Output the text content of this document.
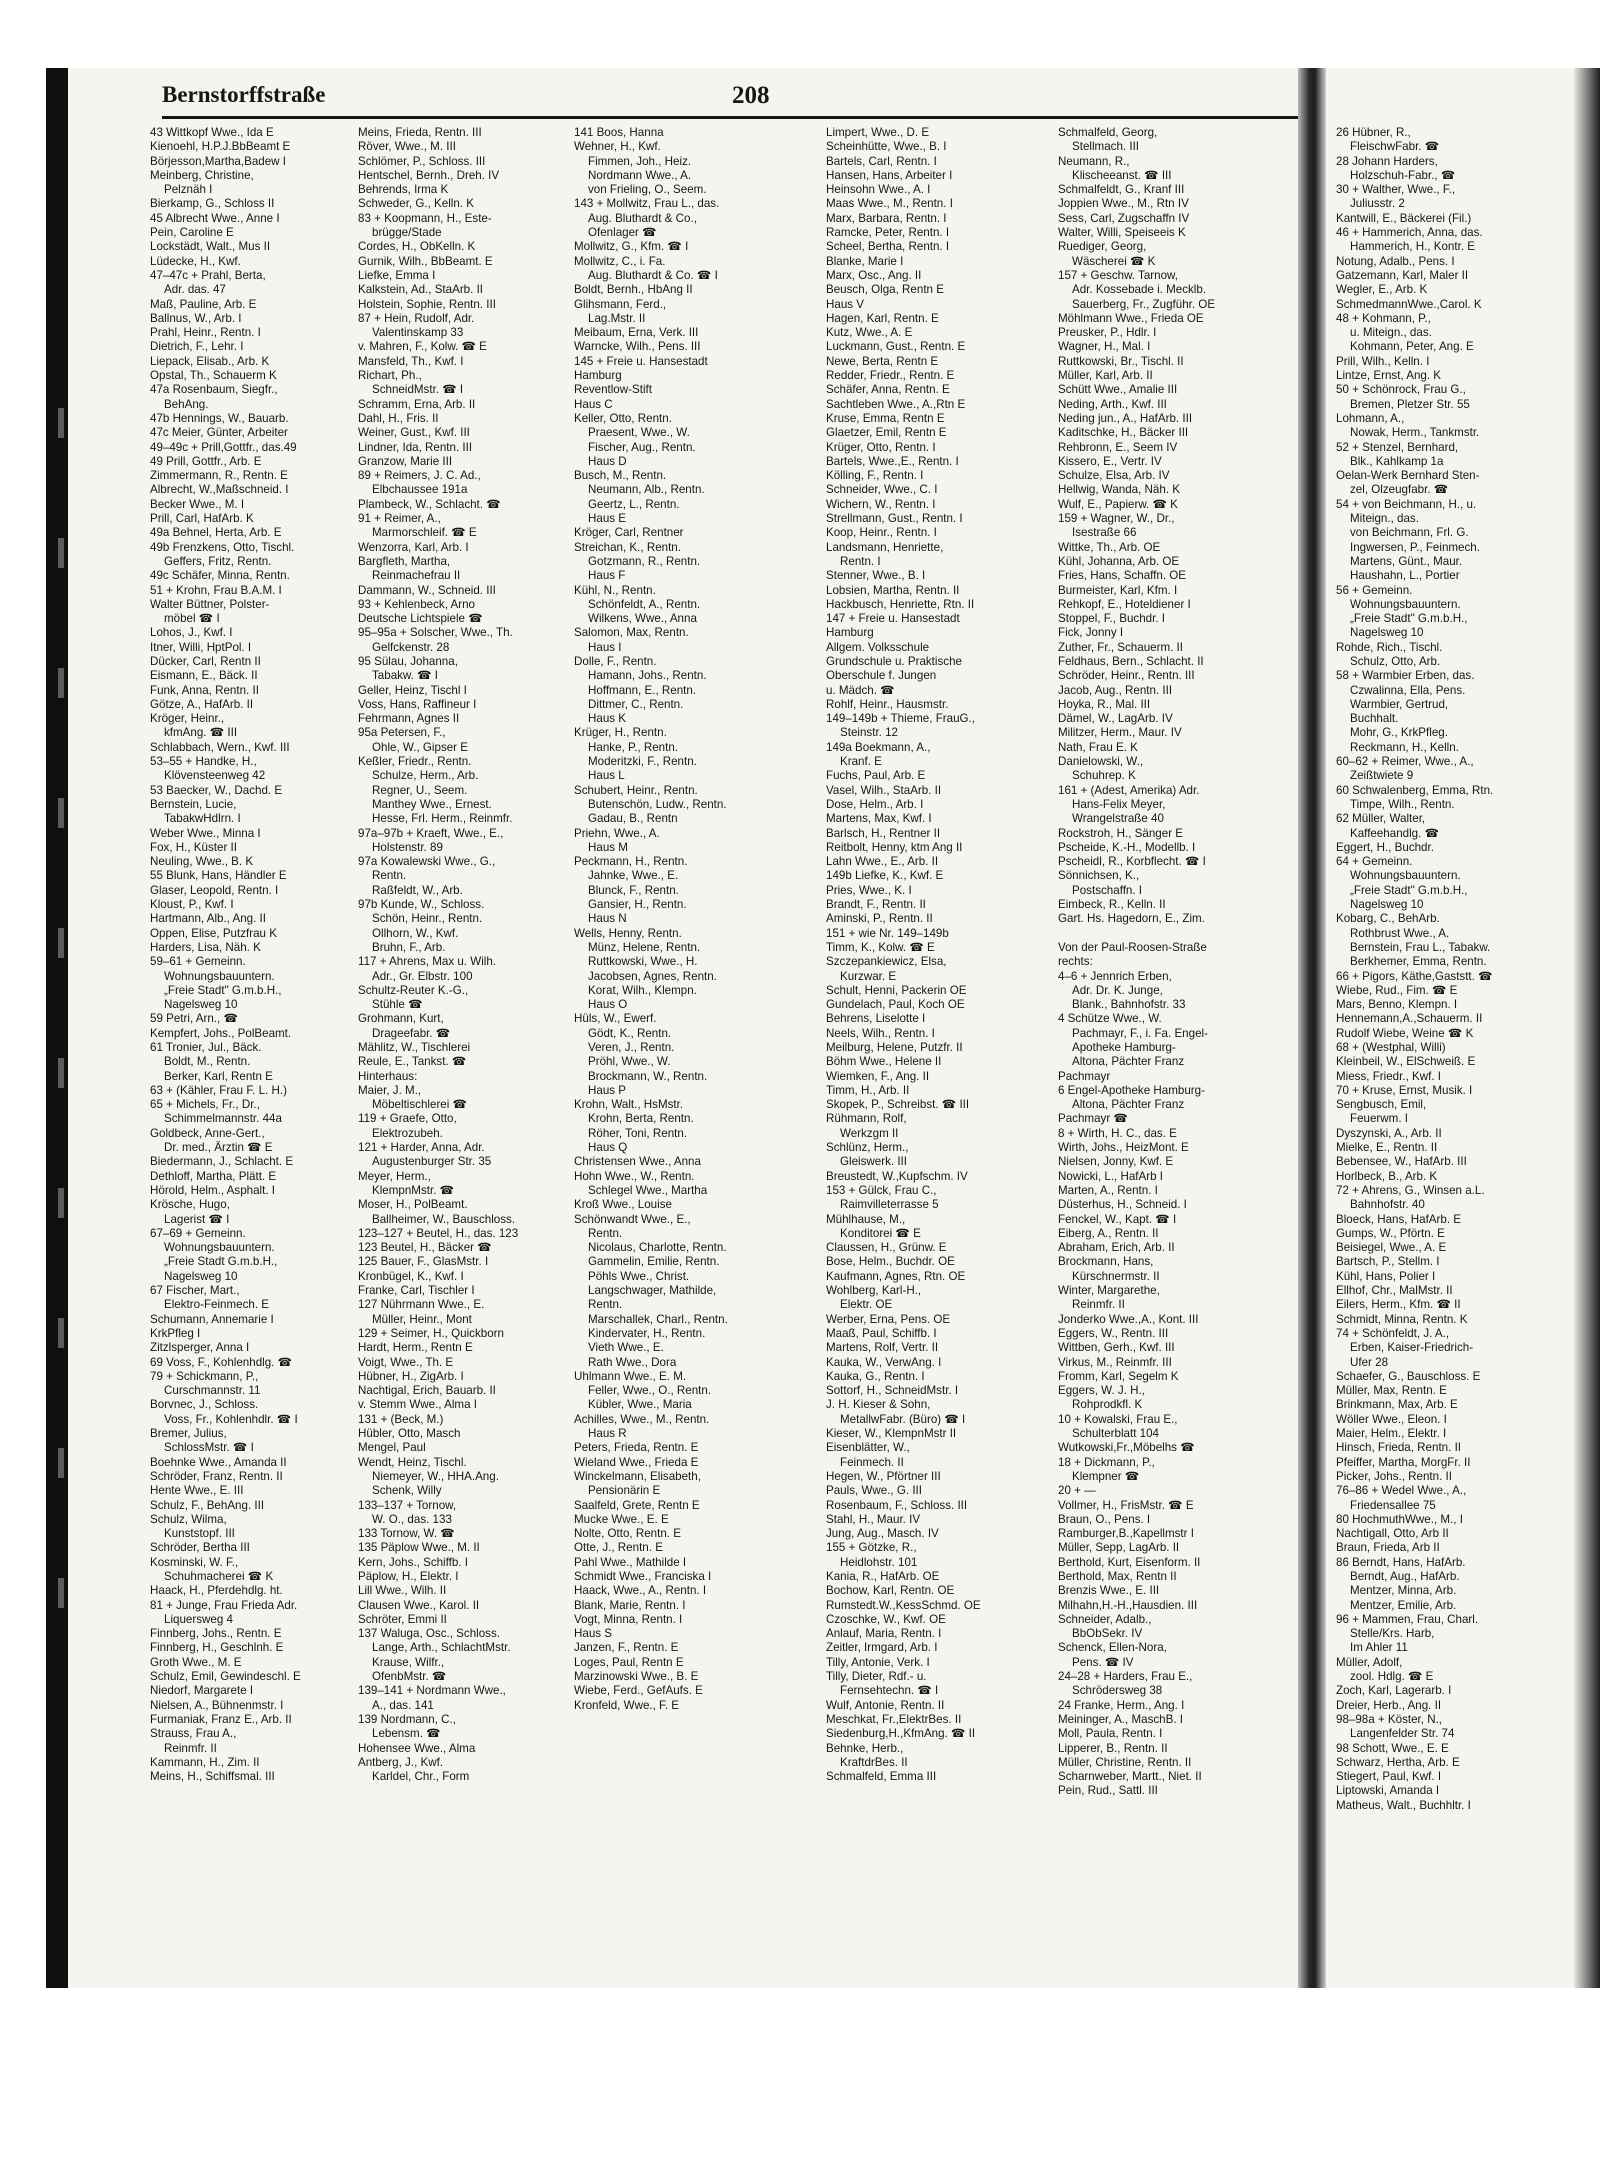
Bernstorffstraße	208
43 Wittkopf Wwe., Ida E
Kienoehl, H.P.J.BbBeamt E
Börjesson,Martha,Badew I
Meinberg, Christine,
Pelznäh I
Bierkamp, G., Schloss II
45 Albrecht Wwe., Anne I
Pein, Caroline E
Lockstädt, Walt., Mus II
Lüdecke, H., Kwf.
47–47c + Prahl, Berta,
Adr. das. 47
Maß, Pauline, Arb. E
Ballnus, W., Arb. I
Prahl, Heinr., Rentn. I
Dietrich, F., Lehr. I
Liepack, Elisab., Arb. K
Opstal, Th., Schauerm K
47a Rosenbaum, Siegfr.,
BehAng.
47b Hennings, W., Bauarb.
47c Meier, Günter, Arbeiter
49–49c + Prill,Gottfr., das.49
49 Prill, Gottfr., Arb. E
Zimmermann, R., Rentn. E
Albrecht, W.,Maßschneid. I
Becker Wwe., M. I
Prill, Carl, HafArb. K
49a Behnel, Herta, Arb. E
49b Frenzkens, Otto, Tischl.
Geffers, Fritz, Rentn.
49c Schäfer, Minna, Rentn.
51 + Krohn, Frau B.A.M. I
Walter Büttner, Polster-
möbel ☎ I
Lohos, J., Kwf. I
Itner, Willi, HptPol. I
Dücker, Carl, Rentn II
Eismann, E., Bäck. II
Funk, Anna, Rentn. II
Götze, A., HafArb. II
Kröger, Heinr.,
kfmAng. ☎ III
Schlabbach, Wern., Kwf. III
53–55 + Handke, H.,
Klövensteenweg 42
53 Baecker, W., Dachd. E
Bernstein, Lucie,
TabakwHdlrn. I
Weber Wwe., Minna I
Fox, H., Küster II
Neuling, Wwe., B. K
55 Blunk, Hans, Händler E
Glaser, Leopold, Rentn. I
Kloust, P., Kwf. I
Hartmann, Alb., Ang. II
Oppen, Elise, Putzfrau K
Harders, Lisa, Näh. K
59–61 + Gemeinn.
Wohnungsbauuntern.
„Freie Stadt" G.m.b.H.,
Nagelsweg 10
59 Petri, Arn., ☎
Kempfert, Johs., PolBeamt.
61 Tronier, Jul., Bäck.
Boldt, M., Rentn.
Berker, Karl, Rentn E
63 + (Kähler, Frau F. L. H.)
65 + Michels, Fr., Dr.,
Schimmelmannstr. 44a
Goldbeck, Anne-Gert.,
Dr. med., Ärztin ☎ E
Biedermann, J., Schlacht. E
Dethloff, Martha, Plätt. E
Hörold, Helm., Asphalt. I
Krösche, Hugo,
Lagerist ☎ I
67–69 + Gemeinn.
Wohnungsbauuntern.
„Freie Stadt G.m.b.H.,
Nagelsweg 10
67 Fischer, Mart.,
Elektro-Feinmech. E
Schumann, Annemarie I
KrkPfleg I
Zitzlsperger, Anna I
69 Voss, F., Kohlenhdlg. ☎
79 + Schickmann, P.,
Curschmannstr. 11
Borvnec, J., Schloss.
Voss, Fr., Kohlenhdlr. ☎ I
Bremer, Julius,
SchlossMstr. ☎ I
Boehnke Wwe., Amanda II
Schröder, Franz, Rentn. II
Hente Wwe., E. III
Schulz, F., BehAng. III
Schulz, Wilma,
Kunststopf. III
Schröder, Bertha III
Kosminski, W. F.,
Schuhmacherei ☎ K
Haack, H., Pferdehdlg. ht.
81 + Junge, Frau Frieda Adr.
Liquersweg 4
Finnberg, Johs., Rentn. E
Finnberg, H., Geschlnh. E
Groth Wwe., M. E
Schulz, Emil, Gewindeschl. E
Niedorf, Margarete I
Nielsen, A., Bühnenmstr. I
Furmaniak, Franz E., Arb. II
Strauss, Frau A.,
Reinmfr. II
Kammann, H., Zim. II
Meins, H., Schiffsmal. III
Meins, Frieda, Rentn. III
Röver, Wwe., M. III
Schlömer, P., Schloss. III
Hentschel, Bernh., Dreh. IV
Behrends, Irma K
Schweder, G., Kelln. K
83 + Koopmann, H., Este-
brügge/Stade
Cordes, H., ObKelln. K
Gurnik, Wilh., BbBeamt. E
Liefke, Emma I
Kalkstein, Ad., StaArb. II
Holstein, Sophie, Rentn. III
87 + Hein, Rudolf, Adr.
Valentinskamp 33
v. Mahren, F., Kolw. ☎ E
Mansfeld, Th., Kwf. I
Richart, Ph.,
SchneidMstr. ☎ I
Schramm, Erna, Arb. II
Dahl, H., Fris. II
Weiner, Gust., Kwf. III
Lindner, Ida, Rentn. III
Granzow, Marie III
89 + Reimers, J. C. Ad.,
Elbchaussee 191a
Plambeck, W., Schlacht. ☎
91 + Reimer, A.,
Marmorschleif. ☎ E
Wenzorra, Karl, Arb. I
Bargfleth, Martha,
Reinmachefrau II
Dammann, W., Schneid. III
93 + Kehlenbeck, Arno
Deutsche Lichtspiele ☎
95–95a + Solscher, Wwe., Th.
Gelfckenstr. 28
95 Sülau, Johanna,
Tabakw. ☎ I
Geller, Heinz, Tischl I
Voss, Hans, Raffineur I
Fehrmann, Agnes II
95a Petersen, F.,
Ohle, W., Gipser E
Keßler, Friedr., Rentn.
Schulze, Herm., Arb.
Regner, U., Seem.
Manthey Wwe., Ernest.
Hesse, Frl. Herm., Reinmfr.
97a–97b + Kraeft, Wwe., E.,
Holstenstr. 89
97a Kowalewski Wwe., G.,
Rentn.
Raßfeldt, W., Arb.
97b Kunde, W., Schloss.
Schön, Heinr., Rentn.
Ollhorn, W., Kwf.
Bruhn, F., Arb.
117 + Ahrens, Max u. Wilh.
Adr., Gr. Elbstr. 100
Schultz-Reuter K.-G.,
Stühle ☎
Grohmann, Kurt,
Drageefabr. ☎
Mählitz, W., Tischlerei
Reule, E., Tankst. ☎
Hinterhaus:
Maier, J. M.,
Möbeltischlerei ☎
119 + Graefe, Otto,
Elektrozubeh.
121 + Harder, Anna, Adr.
Augustenburger Str. 35
Meyer, Herm.,
KlempnMstr. ☎
Moser, H., PolBeamt.
Ballheimer, W., Bauschloss.
123–127 + Beutel, H., das. 123
123 Beutel, H., Bäcker ☎
125 Bauer, F., GlasMstr. I
Kronbügel, K., Kwf. I
Franke, Carl, Tischler I
127 Nührmann Wwe., E.
Müller, Heinr., Mont
129 + Seimer, H., Quickborn
Hardt, Herm., Rentn E
Voigt, Wwe., Th. E
Hübner, H., ZigArb. I
Nachtigal, Erich, Bauarb. II
v. Stemm Wwe., Alma I
131 + (Beck, M.)
Hübler, Otto, Masch
Mengel, Paul
Wendt, Heinz, Tischl.
Niemeyer, W., HHA.Ang.
Schenk, Willy
133–137 + Tornow,
W. O., das. 133
133 Tornow, W. ☎
135 Päplow Wwe., M. II
Kern, Johs., Schiffb. I
Päplow, H., Elektr. I
Lill Wwe., Wilh. II
Clausen Wwe., Karol. II
Schröter, Emmi II
137 Waluga, Osc., Schloss.
Lange, Arth., SchlachtMstr.
Krause, Wilfr.,
OfenbMstr. ☎
139–141 + Nordmann Wwe.,
A., das. 141
139 Nordmann, C.,
Lebensm. ☎
Hohensee Wwe., Alma
Antberg, J., Kwf.
Karldel, Chr., Form
141 Boos, Hanna
Wehner, H., Kwf.
Fimmen, Joh., Heiz.
Nordmann Wwe., A.
von Frieling, O., Seem.
143 + Mollwitz, Frau L., das.
Aug. Bluthardt & Co.,
Ofenlager ☎
Mollwitz, G., Kfm. ☎ I
Mollwitz, C., i. Fa.
Aug. Bluthardt & Co. ☎ I
Boldt, Bernh., HbAng II
Glihsmann, Ferd.,
Lag.Mstr. II
Meibaum, Erna, Verk. III
Warncke, Wilh., Pens. III
145 + Freie u. Hansestadt
Hamburg
Reventlow-Stift
Haus C
Keller, Otto, Rentn.
Praesent, Wwe., W.
Fischer, Aug., Rentn.
Haus D
Busch, M., Rentn.
Neumann, Alb., Rentn.
Geertz, L., Rentn.
Haus E
Kröger, Carl, Rentner
Streichan, K., Rentn.
Gotzmann, R., Rentn.
Haus F
Kühl, N., Rentn.
Schönfeldt, A., Rentn.
Wilkens, Wwe., Anna
Salomon, Max, Rentn.
Haus I
Dolle, F., Rentn.
Hamann, Johs., Rentn.
Hoffmann, E., Rentn.
Dittmer, C., Rentn.
Haus K
Krüger, H., Rentn.
Hanke, P., Rentn.
Moderitzki, F., Rentn.
Haus L
Schubert, Heinr., Rentn.
Butenschön, Ludw., Rentn.
Gadau, B., Rentn
Priehn, Wwe., A.
Haus M
Peckmann, H., Rentn.
Jahnke, Wwe., E.
Blunck, F., Rentn.
Gansier, H., Rentn.
Haus N
Wells, Henny, Rentn.
Münz, Helene, Rentn.
Ruttkowski, Wwe., H.
Jacobsen, Agnes, Rentn.
Korat, Wilh., Klempn.
Haus O
Hüls, W., Ewerf.
Gödt, K., Rentn.
Veren, J., Rentn.
Pröhl, Wwe., W.
Brockmann, W., Rentn.
Haus P
Krohn, Walt., HsMstr.
Krohn, Berta, Rentn.
Röher, Toni, Rentn.
Haus Q
Christensen Wwe., Anna
Hohn Wwe., W., Rentn.
Schlegel Wwe., Martha
Kroß Wwe., Louise
Schönwandt Wwe., E.,
Rentn.
Nicolaus, Charlotte, Rentn.
Gammelin, Emilie, Rentn.
Pöhls Wwe., Christ.
Langschwager, Mathilde,
Rentn.
Marschallek, Charl., Rentn.
Kindervater, H., Rentn.
Vieth Wwe., E.
Rath Wwe., Dora
Uhlmann Wwe., E. M.
Feller, Wwe., O., Rentn.
Kübler, Wwe., Maria
Achilles, Wwe., M., Rentn.
Haus R
Peters, Frieda, Rentn. E
Wieland Wwe., Frieda E
Winckelmann, Elisabeth,
Pensionärin E
Saalfeld, Grete, Rentn E
Mucke Wwe., E. E
Nolte, Otto, Rentn. E
Otte, J., Rentn. E
Pahl Wwe., Mathilde I
Schmidt Wwe., Franciska I
Haack, Wwe., A., Rentn. I
Blank, Marie, Rentn. I
Vogt, Minna, Rentn. I
Haus S
Janzen, F., Rentn. E
Loges, Paul, Rentn E
Marzinowski Wwe., B. E
Wiebe, Ferd., GefAufs. E
Kronfeld, Wwe., F. E
Limpert, Wwe., D. E
Scheinhütte, Wwe., B. I
Bartels, Carl, Rentn. I
Hansen, Hans, Arbeiter I
Heinsohn Wwe., A. I
Maas Wwe., M., Rentn. I
Marx, Barbara, Rentn. I
Ramcke, Peter, Rentn. I
Scheel, Bertha, Rentn. I
Blanke, Marie I
Marx, Osc., Ang. II
Beusch, Olga, Rentn E
Haus V
Hagen, Karl, Rentn. E
Kutz, Wwe., A. E
Luckmann, Gust., Rentn. E
Newe, Berta, Rentn E
Redder, Friedr., Rentn. E
Schäfer, Anna, Rentn. E
Sachtleben Wwe., A.,Rtn E
Kruse, Emma, Rentn E
Glaetzer, Emil, Rentn E
Krüger, Otto, Rentn. I
Bartels, Wwe.,E., Rentn. I
Kölling, F., Rentn. I
Schneider, Wwe., C. I
Wichern, W., Rentn. I
Strellmann, Gust., Rentn. I
Koop, Heinr., Rentn. I
Landsmann, Henriette,
Rentn. I
Stenner, Wwe., B. I
Lobsien, Martha, Rentn. II
Hackbusch, Henriette, Rtn. II
147 + Freie u. Hansestadt
Hamburg
Allgem. Volksschule
Grundschule u. Praktische
Oberschule f. Jungen
u. Mädch. ☎
Rohlf, Heinr., Hausmstr.
149–149b + Thieme, FrauG.,
Steinstr. 12
149a Boekmann, A.,
Kranf. E
Fuchs, Paul, Arb. E
Vasel, Wilh., StaArb. II
Dose, Helm., Arb. I
Martens, Max, Kwf. I
Barlsch, H., Rentner II
Reitbolt, Henny, ktm Ang II
Lahn Wwe., E., Arb. II
149b Liefke, K., Kwf. E
Pries, Wwe., K. I
Brandt, F., Rentn. II
Aminski, P., Rentn. II
151 + wie Nr. 149–149b
Timm, K., Kolw. ☎ E
Szczepankiewicz, Elsa,
Kurzwar. E
Schult, Henni, Packerin OE
Gundelach, Paul, Koch OE
Behrens, Liselotte I
Neels, Wilh., Rentn. I
Meilburg, Helene, Putzfr. II
Böhm Wwe., Helene II
Wiemken, F., Ang. II
Timm, H., Arb. II
Skopek, P., Schreibst. ☎ III
Rühmann, Rolf,
Werkzgm II
Schlünz, Herm.,
Gleiswerk. III
Breustedt, W.,Kupfschm. IV
153 + Gülck, Frau C.,
Raimvilleterrasse 5
Mühlhause, M.,
Konditorei ☎ E
Claussen, H., Grünw. E
Bose, Helm., Buchdr. OE
Kaufmann, Agnes, Rtn. OE
Wohlberg, Karl-H.,
Elektr. OE
Werber, Erna, Pens. OE
Maaß, Paul, Schiffb. I
Martens, Rolf, Vertr. II
Kauka, W., VerwAng. I
Kauka, G., Rentn. I
Sottorf, H., SchneidMstr. I
J. H. Kieser & Sohn,
MetallwFabr. (Büro) ☎ I
Kieser, W., KlempnMstr II
Eisenblätter, W.,
Feinmech. II
Hegen, W., Pförtner III
Pauls, Wwe., G. III
Rosenbaum, F., Schloss. III
Stahl, H., Maur. IV
Jung, Aug., Masch. IV
155 + Götzke, R.,
Heidlohstr. 101
Kania, R., HafArb. OE
Bochow, Karl, Rentn. OE
Rumstedt.W.,KessSchmd. OE
Czoschke, W., Kwf. OE
Anlauf, Maria, Rentn. I
Zeitler, Irmgard, Arb. I
Tilly, Antonie, Verk. I
Tilly, Dieter, Rdf.- u.
Fernsehtechn. ☎ I
Wulf, Antonie, Rentn. II
Meschkat, Fr.,ElektrBes. II
Siedenburg,H.,KfmAng. ☎ II
Behnke, Herb.,
KraftdrBes. II
Schmalfeld, Emma III
Schmalfeld, Georg,
Stellmach. III
Neumann, R.,
Klischeeanst. ☎ III
Schmalfeldt, G., Kranf III
Joppien Wwe., M., Rtn IV
Sess, Carl, Zugschaffn IV
Walter, Willi, Speiseeis K
Ruediger, Georg,
Wäscherei ☎ K
157 + Geschw. Tarnow,
Adr. Kossebade i. Mecklb.
Sauerberg, Fr., Zugführ. OE
Möhlmann Wwe., Frieda OE
Preusker, P., Hdlr. I
Wagner, H., Mal. I
Ruttkowski, Br., Tischl. II
Müller, Karl, Arb. II
Schütt Wwe., Amalie III
Neding, Arth., Kwf. III
Neding jun., A., HafArb. III
Kaditschke, H., Bäcker III
Rehbronn, E., Seem IV
Kissero, E., Vertr. IV
Schulze, Elsa, Arb. IV
Hellwig, Wanda, Näh. K
Wulf, E., Papierw. ☎ K
159 + Wagner, W., Dr.,
Isestraße 66
Wittke, Th., Arb. OE
Kühl, Johanna, Arb. OE
Fries, Hans, Schaffn. OE
Burmeister, Karl, Kfm. I
Rehkopf, E., Hoteldiener I
Stoppel, F., Buchdr. I
Fick, Jonny I
Zuther, Fr., Schauerm. II
Feldhaus, Bern., Schlacht. II
Schröder, Heinr., Rentn. III
Jacob, Aug., Rentn. III
Hoyka, R., Mal. III
Dämel, W., LagArb. IV
Militzer, Herm., Maur. IV
Nath, Frau E. K
Danielowski, W.,
Schuhrep. K
161 + (Adest, Amerika) Adr.
Hans-Felix Meyer,
Wrangelstraße 40
Rockstroh, H., Sänger E
Pscheide, K.-H., Modellb. I
Pscheidl, R., Korbflecht. ☎ I
Sönnichsen, K.,
Postschaffn. I
Eimbeck, R., Kelln. II
Gart. Hs. Hagedorn, E., Zim.

Von der Paul-Roosen-Straße
rechts:
4–6 + Jennrich Erben,
Adr. Dr. K. Junge,
Blank., Bahnhofstr. 33
4 Schütze Wwe., W.
Pachmayr, F., i. Fa. Engel-
Apotheke Hamburg-
Altona, Pächter Franz
Pachmayr
6 Engel-Apotheke Hamburg-
Altona, Pächter Franz
Pachmayr ☎
8 + Wirth, H. C., das. E
Wirth, Johs., HeizMont. E
Nielsen, Jonny, Kwf. E
Nowicki, L., HafArb I
Marten, A., Rentn. I
Düsterhus, H., Schneid. I
Fenckel, W., Kapt. ☎ I
Eiberg, A., Rentn. II
Abraham, Erich, Arb. II
Brockmann, Hans,
Kürschnermstr. II
Winter, Margarethe,
Reinmfr. II
Jonderko Wwe.,A., Kont. III
Eggers, W., Rentn. III
Wittben, Gerh., Kwf. III
Virkus, M., Reinmfr. III
Fromm, Karl, Segelm K
Eggers, W. J. H.,
Rohprodkfl. K
10 + Kowalski, Frau E.,
Schulterblatt 104
Wutkowski,Fr.,Möbelhs ☎
18 + Dickmann, P.,
Klempner ☎
20 + —
Vollmer, H., FrisMstr. ☎ E
Braun, O., Pens. I
Ramburger,B.,Kapellmstr I
Müller, Sepp, LagArb. II
Berthold, Kurt, Eisenform. II
Berthold, Max, Rentn II
Brenzis Wwe., E. III
Milhahn,H.-H.,Hausdien. III
Schneider, Adalb.,
BbObSekr. IV
Schenck, Ellen-Nora,
Pens. ☎ IV
24–28 + Harders, Frau E.,
Schrödersweg 38
24 Franke, Herm., Ang. I
Meininger, A., MaschB. I
Moll, Paula, Rentn. I
Lipperer, B., Rentn. II
Müller, Christine, Rentn. II
Scharnweber, Martt., Niet. II
Pein, Rud., Sattl. III
26 Hübner, R.,
FleischwFabr. ☎
28 Johann Harders,
Holzschuh-Fabr., ☎
30 + Walther, Wwe., F.,
Juliusstr. 2
Kantwill, E., Bäckerei (Fil.)
46 + Hammerich, Anna, das.
Hammerich, H., Kontr. E
Notung, Adalb., Pens. I
Gatzemann, Karl, Maler II
Wegler, E., Arb. K
SchmedmannWwe.,Carol. K
48 + Kohmann, P.,
u. Miteign., das.
Kohmann, Peter, Ang. E
Prill, Wilh., Kelln. I
Lintze, Ernst, Ang. K
50 + Schönrock, Frau G.,
Bremen, Pletzer Str. 55
Lohmann, A.,
Nowak, Herm., Tankmstr.
52 + Stenzel, Bernhard,
Blk., Kahlkamp 1a
Oelan-Werk Bernhard Sten-
zel, Olzeugfabr. ☎
54 + von Beichmann, H., u.
Miteign., das.
von Beichmann, Frl. G.
Ingwersen, P., Feinmech.
Martens, Günt., Maur.
Haushahn, L., Portier
56 + Gemeinn.
Wohnungsbauuntern.
„Freie Stadt" G.m.b.H.,
Nagelsweg 10
Rohde, Rich., Tischl.
Schulz, Otto, Arb.
58 + Warmbier Erben, das.
Czwalinna, Ella, Pens.
Warmbier, Gertrud,
Buchhalt.
Mohr, G., KrkPfleg.
Reckmann, H., Kelln.
60–62 + Reimer, Wwe., A.,
Zeißtwiete 9
60 Schwalenberg, Emma, Rtn.
Timpe, Wilh., Rentn.
62 Müller, Walter,
Kaffeehandlg. ☎
Eggert, H., Buchdr.
64 + Gemeinn.
Wohnungsbauuntern.
„Freie Stadt" G.m.b.H.,
Nagelsweg 10
Kobarg, C., BehArb.
Rothbrust Wwe., A.
Bernstein, Frau L., Tabakw.
Berkhemer, Emma, Rentn.
66 + Pigors, Käthe,Gaststt. ☎
Wiebe, Rud., Fim. ☎ E
Mars, Benno, Klempn. I
Hennemann,A.,Schauerm. II
Rudolf Wiebe, Weine ☎ K
68 + (Westphal, Willi)
Kleinbeil, W., ElSchweiß. E
Miess, Friedr., Kwf. I
70 + Kruse, Ernst, Musik. I
Sengbusch, Emil,
Feuerwm. I
Dyszynski, A., Arb. II
Mielke, E., Rentn. II
Bebensee, W., HafArb. III
Horlbeck, B., Arb. K
72 + Ahrens, G., Winsen a.L.
Bahnhofstr. 40
Bloeck, Hans, HafArb. E
Gumps, W., Pförtn. E
Beisiegel, Wwe., A. E
Bartsch, P., Stellm. I
Kühl, Hans, Polier I
Ellhof, Chr., MalMstr. II
Eilers, Herm., Kfm. ☎ II
Schmidt, Minna, Rentn. K
74 + Schönfeldt, J. A.,
Erben, Kaiser-Friedrich-
Ufer 28
Schaefer, G., Bauschloss. E
Müller, Max, Rentn. E
Brinkmann, Max, Arb. E
Wöller Wwe., Eleon. I
Maier, Helm., Elektr. I
Hinsch, Frieda, Rentn. II
Pfeiffer, Martha, MorgFr. II
Picker, Johs., Rentn. II
76–86 + Wedel Wwe., A.,
Friedensallee 75
80 HochmuthWwe., M., I
Nachtigall, Otto, Arb II
Braun, Frieda, Arb II
86 Berndt, Hans, HafArb.
Berndt, Aug., HafArb.
Mentzer, Minna, Arb.
Mentzer, Emilie, Arb.
96 + Mammen, Frau, Charl.
Stelle/Krs. Harb,
Im Ahler 11
Müller, Adolf,
zool. Hdlg. ☎ E
Zoch, Karl, Lagerarb. I
Dreier, Herb., Ang. II
98–98a + Köster, N.,
Langenfelder Str. 74
98 Schott, Wwe., E. E
Schwarz, Hertha, Arb. E
Stiegert, Paul, Kwf. I
Liptowski, Amanda I
Matheus, Walt., Buchhltr. I
